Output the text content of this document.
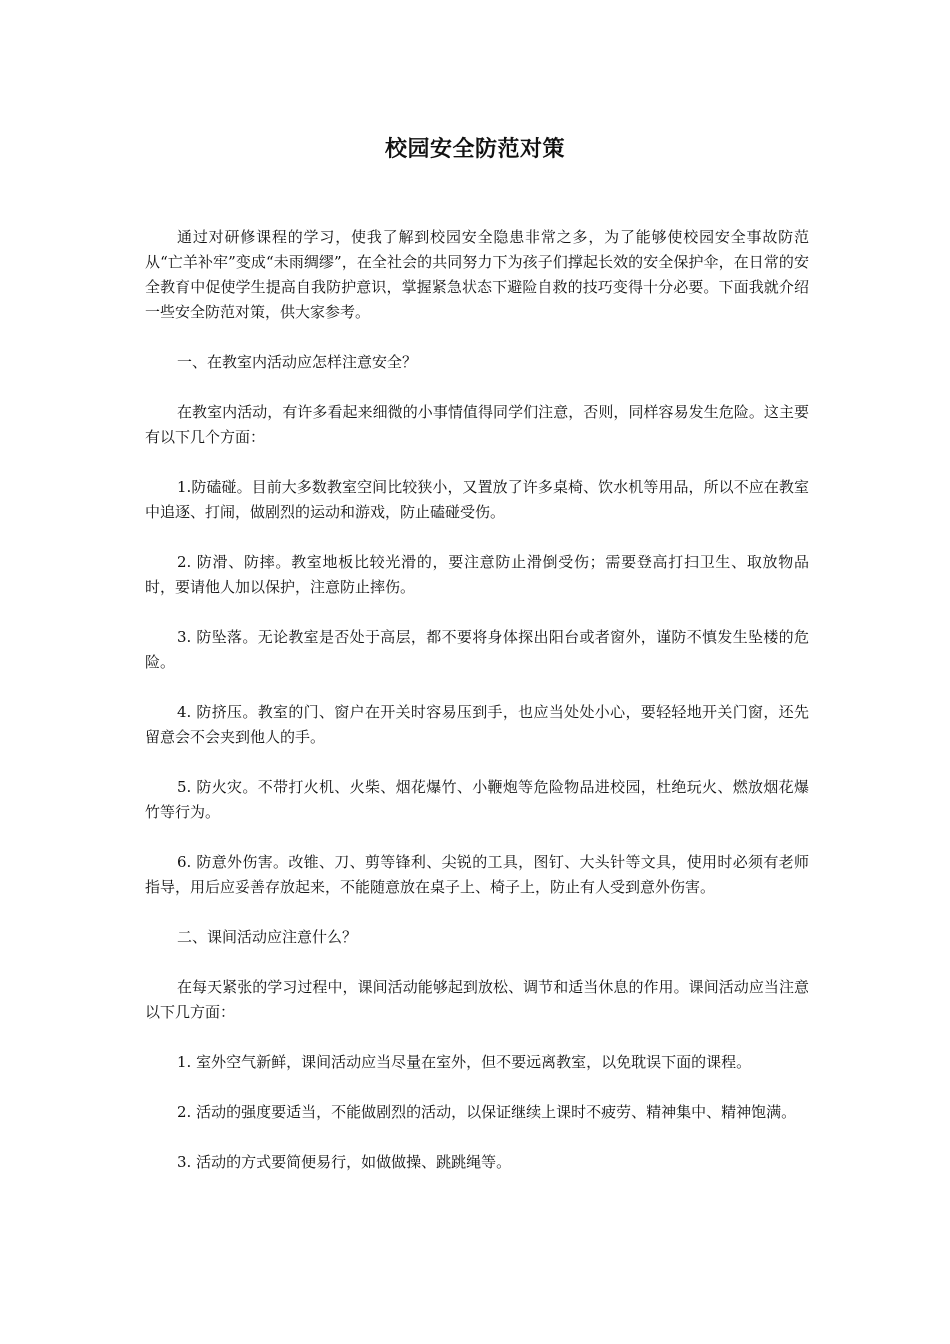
校园安全防范对策

通过对研修课程的学习，使我了解到校园安全隐患非常之多，为了能够使校园安全事故防范从“亡羊补牢”变成“未雨绸缪”，在全社会的共同努力下为孩子们撑起长效的安全保护伞，在日常的安全教育中促使学生提高自我防护意识，掌握紧急状态下避险自救的技巧变得十分必要。下面我就介绍一些安全防范对策，供大家参考。

一、在教室内活动应怎样注意安全？

在教室内活动，有许多看起来细微的小事情值得同学们注意，否则，同样容易发生危险。这主要有以下几个方面：

1.防磕碰。目前大多数教室空间比较狭小，又置放了许多桌椅、饮水机等用品，所以不应在教室中追逐、打闹，做剧烈的运动和游戏，防止磕碰受伤。

2. 防滑、防摔。教室地板比较光滑的，要注意防止滑倒受伤；需要登高打扫卫生、取放物品时，要请他人加以保护，注意防止摔伤。

3. 防坠落。无论教室是否处于高层，都不要将身体探出阳台或者窗外，谨防不慎发生坠楼的危险。

4. 防挤压。教室的门、窗户在开关时容易压到手，也应当处处小心，要轻轻地开关门窗，还先留意会不会夹到他人的手。

5. 防火灾。不带打火机、火柴、烟花爆竹、小鞭炮等危险物品进校园，杜绝玩火、燃放烟花爆竹等行为。

6. 防意外伤害。改锥、刀、剪等锋利、尖锐的工具，图钉、大头针等文具，使用时必须有老师指导，用后应妥善存放起来，不能随意放在桌子上、椅子上，防止有人受到意外伤害。

二、课间活动应注意什么？

在每天紧张的学习过程中，课间活动能够起到放松、调节和适当休息的作用。课间活动应当注意以下几方面：

1. 室外空气新鲜，课间活动应当尽量在室外，但不要远离教室，以免耽误下面的课程。

2. 活动的强度要适当，不能做剧烈的活动，以保证继续上课时不疲劳、精神集中、精神饱满。

3. 活动的方式要简便易行，如做做操、跳跳绳等。
